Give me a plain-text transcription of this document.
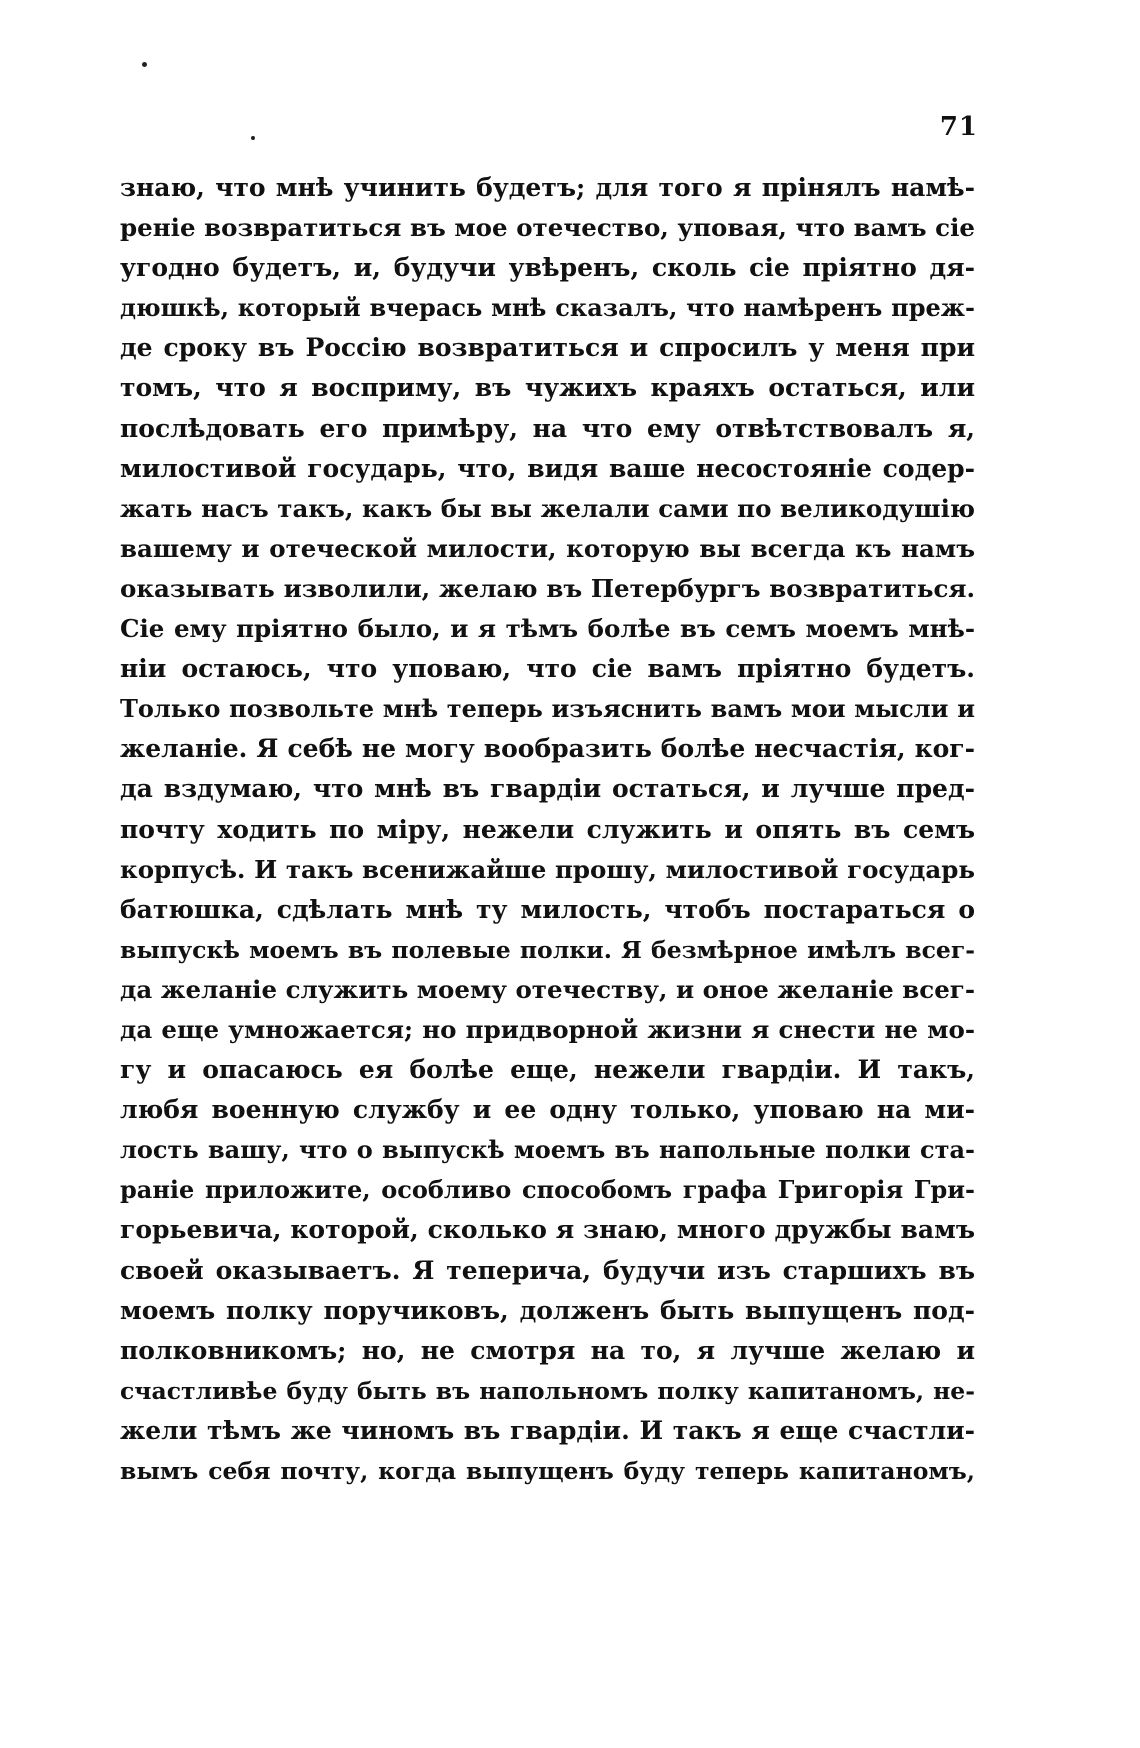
71
знаю, что мнѣ учинить будетъ; для того я прiнялъ намѣ-
ренiе возвратиться въ мое отечество, уповая, что вамъ сiе
угодно будетъ, и, будучи увѣренъ, сколь сiе прiятно дя-
дюшкѣ, который вчерась мнѣ сказалъ, что намѣренъ преж-
де сроку въ Россiю возвратиться и спросилъ у меня при
томъ, что я восприму, въ чужихъ краяхъ остаться, или
послѣдовать его примѣру, на что ему отвѣтствовалъ я,
милостивой государь, что, видя ваше несостоянiе содер-
жать насъ такъ, какъ бы вы желали сами по великодушiю
вашему и отеческой милости, которую вы всегда къ намъ
оказывать изволили, желаю въ Петербургъ возвратиться.
Сiе ему прiятно было, и я тѣмъ болѣе въ семъ моемъ мнѣ-
нiи остаюсь, что уповаю, что сiе вамъ прiятно будетъ.
Только позвольте мнѣ теперь изъяснить вамъ мои мысли и
желанiе. Я себѣ не могу вообразить болѣе несчастiя, ког-
да вздумаю, что мнѣ въ гвардiи остаться, и лучше пред-
почту ходить по мiру, нежели служить и опять въ семъ
корпусѣ. И такъ всенижайше прошу, милостивой государь
батюшка, сдѣлать мнѣ ту милость, чтобъ постараться о
выпускѣ моемъ въ полевые полки. Я безмѣрное имѣлъ всег-
да желанiе служить моему отечеству, и оное желанiе всег-
да еще умножается; но придворной жизни я снести не мо-
гу и опасаюсь ея болѣе еще, нежели гвардiи. И такъ,
любя военную службу и ее одну только, уповаю на ми-
лость вашу, что о выпускѣ моемъ въ напольные полки ста-
ранiе приложите, особливо способомъ графа Григорiя Гри-
горьевича, которой, сколько я знаю, много дружбы вамъ
своей оказываетъ. Я теперича, будучи изъ старшихъ въ
моемъ полку поручиковъ, долженъ быть выпущенъ под-
полковникомъ; но, не смотря на то, я лучше желаю и
счастливѣе буду быть въ напольномъ полку капитаномъ, не-
жели тѣмъ же чиномъ въ гвардiи. И такъ я еще счастли-
вымъ себя почту, когда выпущенъ буду теперь капитаномъ,
